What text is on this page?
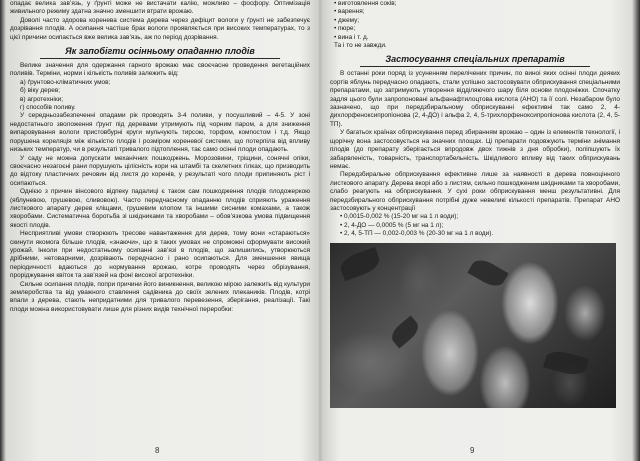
опадає велика зав’язь, у ґрунті може не вистачати калію, можливо – фосфору. Оптимізація живильного режиму здатна значно зменшити втрати врожаю.

Доволі часто здорова коренева система дерева через дефіцит вологи у ґрунті не забезпечує дозрівання плодів. А осипання частіше брак вологи проявляється при високих температурах, то з цієї причини осипається вже велика зав’язь, аж по період дозрівання.

Як запобігти осінньому опаданню плодів

Велике значення для одержання гарного врожаю має своєчасне проведення вегетаційних поливів. Терміни, норми і кількість поливів залежить від:

а) ґрунтово-кліматичних умов;
б) віку дерев;
в) агротехніки;
г) способів поливу.

У середньозабезпеченні опадами рік проводять 3-4 поливи, у посушливий – 4-5. У зоні недостатнього зволоження ґрунт під деревами утримують під чорним паром, а для зниження випаровування вологи пристовбурні круги мульчують тирсою, торфом, компостом і т.д. Якщо порушена кореляція між кількістю плодів і розміром кореневої системи, що потерпіла від впливу низьких температур, чи в результаті тривалого підтоплення, тає само осінні плоди опадають.

У саду не можна допускати механічних пошкоджень. Морозовини, тріщини, сонячні опіки, своєчасно незагоєні рани порушують цілісність кори на штамбі та скелетних гілках, що призводить до відтоку пластичних речовин від листя до коренів, у результаті чого плоди припиняють ріст і осипаються.

Однією з причин вінсового відпеку падалиці є також сам пошкодження плодів плодожеркою (яблуневою, грушевою, сливовою). Часто передчасному опаданню плодів сприяють ураження листкового апарату дерев кліщами, грушевим клопом та іншими сисними комахами, а також хворобами. Систематична боротьба зі шкідниками та хворобами – обов’язкова умова підвищення якості плодів.

Несприятливі умови створюють тресове навантаження для дерев, тому вони «стараються» скинути якомога більше плодів, «знаючи», що в таких умовах не спроможні сформувати високий урожай. Інколи при недостатньому осипанні зав’язі в плодів, що залишились, утворюються дрібними, нетоварними, дозрівають передчасно і рано осипаються. Для зменшення явища періодичності вдаються до нормування врожаю, котре проводять через обрізування, проріджування квіток та зав’язей на фоні високої агротехніки.

Сильне осипання плодів, попри причини його виникнення, великою мірою залежить від культури землеробства та від уважного ставлення садівника до своїх зелених плекаників. Плодів, котрі впали з дерева, стають непридатними для тривалого перевезення, зберігання, реалізації. Такі плоди можна використовувати лише для різних видів технічної переробки:

8
• виготовлення соків;
• варення;
• джему;
• пюре;
• вина і т. д.

Та і то не завжди.

Застосування спеціальних препаратів

В останні роки поряд із усуненням перелічених причин, по виноі яких осінні плоди деяких сортів яблунь передчасно опадають, стали успішно застосовувати обприскування спеціальними препаратами, що затримують утворення відділяючого шару біля основи плодоніжки. Спочатку задля цього були запропоновані альфанафтилоцтова кислота (АНО) та її солі. Незабаром було зазначено, що при передзбиральному обприскуванні ефективні так само 2, 4-дихлорфеноксипропіонова (2, 4-ДО) і альфа 2, 4, 5-трихлорфеноксипропіонова кислота (2, 4, 5-ТП).

У багатьох країнах обприскування перед збиранням врожаю – один із елементів технології, і щорічну вона застосовується на значних площах. Ці препарати подовжують терміни знімання плодів (до препарату зберігається впродовж двох тижнів з дня обробки), поліпшують їх забарвленість, товарність, транспортабельність. Шкідливого впливу від таких обприскувань немає.

Передзбиральне обприскування ефективне лише за наявності в дерева повноцінного листкового апарату. Дерева вкорі або з листям, сильно пошкодженим шкідниками та хворобами, слабо реагують на обприскування. У сухі роки обприскування менш результативні. Для передзбирального обприскування потрібні дуже невеликі кількості препаратів. Препарат АНО застосовують у концентрації

• 0,0015-0,002 % (15-20 мг на 1 л води);
• 2, 4-ДО — 0,0005 % (5 мг на 1 л);
• 2, 4, 5-ТП — 0,002-0,003 % (20-30 мг на 1 л води).
9
